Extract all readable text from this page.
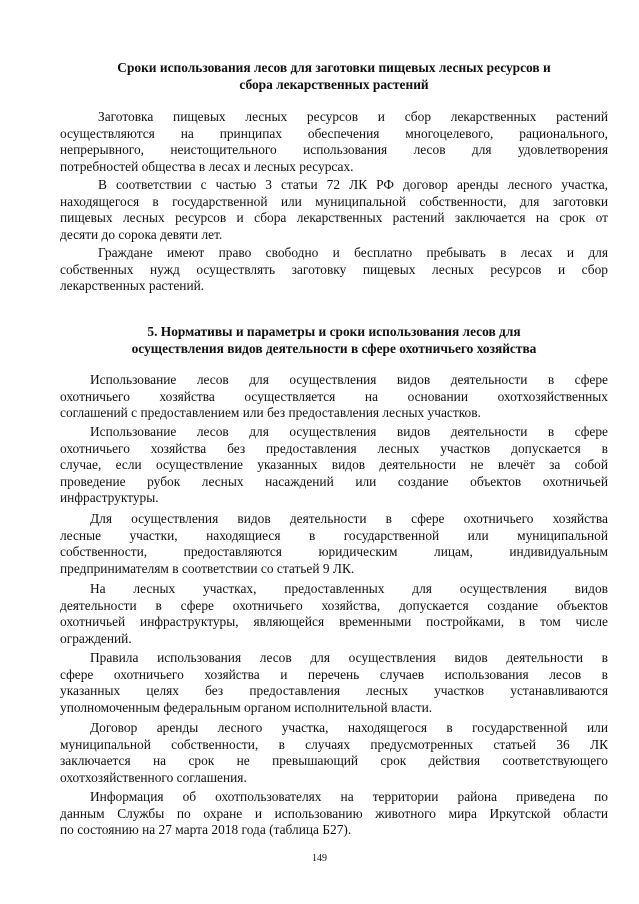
Сроки использования лесов для заготовки пищевых лесных ресурсов и
сбора лекарственных растений
Заготовка пищевых лесных ресурсов и сбор лекарственных растений
осуществляются на принципах обеспечения многоцелевого, рационального,
непрерывного, неистощительного использования лесов для удовлетворения
потребностей общества в лесах и лесных ресурсах.
В соответствии с частью 3 статьи 72 ЛК РФ договор аренды лесного участка,
находящегося в государственной или муниципальной собственности, для заготовки
пищевых лесных ресурсов и сбора лекарственных растений заключается на срок от
десяти до сорока девяти лет.
Граждане имеют право свободно и бесплатно пребывать в лесах и для
собственных нужд осуществлять заготовку пищевых лесных ресурсов и сбор
лекарственных растений.
5. Нормативы и параметры и сроки использования лесов для
осуществления видов деятельности в сфере охотничьего хозяйства
Использование лесов для осуществления видов деятельности в сфере
охотничьего хозяйства осуществляется на основании охотхозяйственных
соглашений с предоставлением или без предоставления лесных участков.
Использование лесов для осуществления видов деятельности в сфере
охотничьего хозяйства без предоставления лесных участков допускается в
случае, если осуществление указанных видов деятельности не влечёт за собой
проведение рубок лесных насаждений или создание объектов охотничьей
инфраструктуры.
Для осуществления видов деятельности в сфере охотничьего хозяйства
лесные участки, находящиеся в государственной или муниципальной
собственности, предоставляются юридическим лицам, индивидуальным
предпринимателям в соответствии со статьей 9 ЛК.
На лесных участках, предоставленных для осуществления видов
деятельности в сфере охотничьего хозяйства, допускается создание объектов
охотничьей инфраструктуры, являющейся временными постройками, в том числе
ограждений.
Правила использования лесов для осуществления видов деятельности в
сфере охотничьего хозяйства и перечень случаев использования лесов в
указанных целях без предоставления лесных участков устанавливаются
уполномоченным федеральным органом исполнительной власти.
Договор аренды лесного участка, находящегося в государственной или
муниципальной собственности, в случаях предусмотренных статьей 36 ЛК
заключается на срок не превышающий срок действия соответствующего
охотхозяйственного соглашения.
Информация об охотпользователях на территории района приведена по
данным Службы по охране и использованию животного мира Иркутской области
по состоянию на 27 марта 2018 года (таблица Б27).
149
